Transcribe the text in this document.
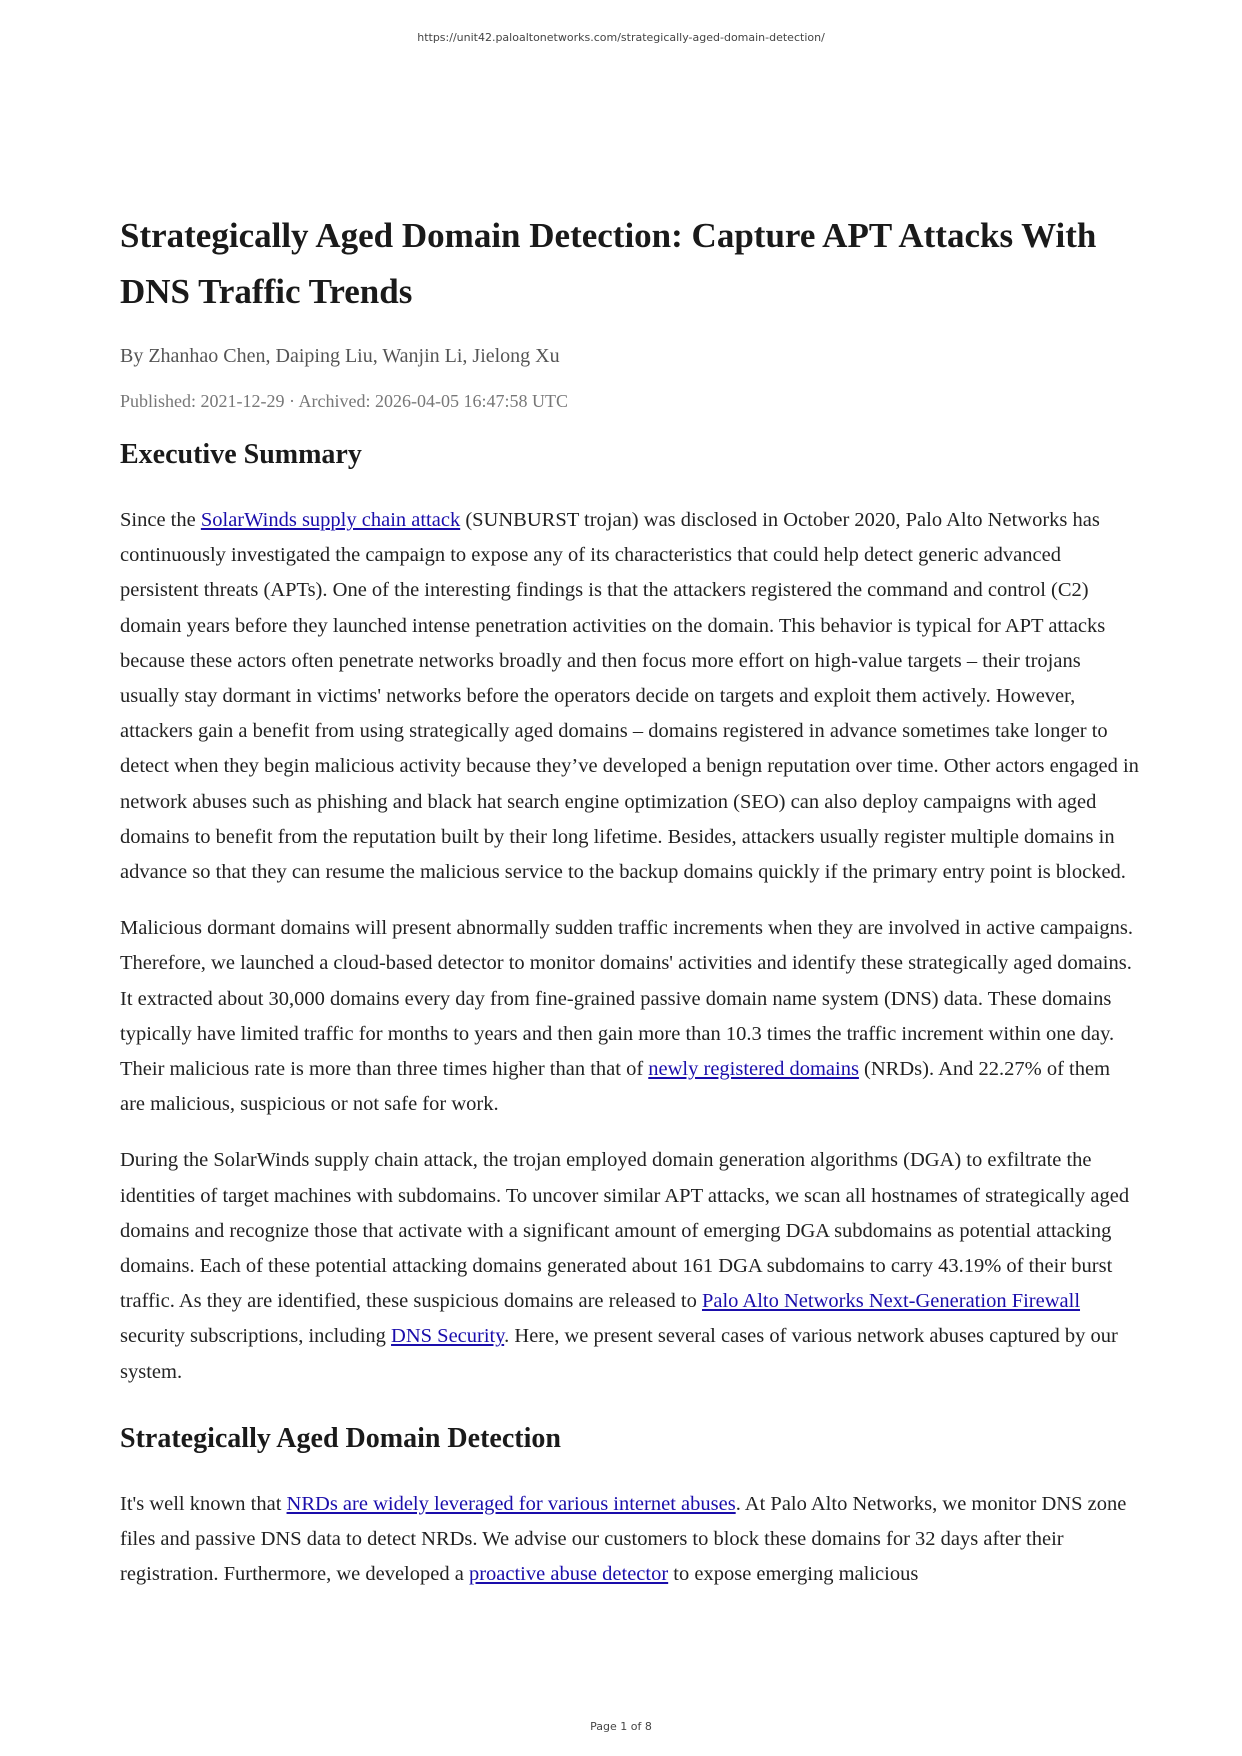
https://unit42.paloaltonetworks.com/strategically-aged-domain-detection/
Strategically Aged Domain Detection: Capture APT Attacks With DNS Traffic Trends
By Zhanhao Chen, Daiping Liu, Wanjin Li, Jielong Xu
Published: 2021-12-29 · Archived: 2026-04-05 16:47:58 UTC
Executive Summary

Since the SolarWinds supply chain attack (SUNBURST trojan) was disclosed in October 2020, Palo Alto Networks has continuously investigated the campaign to expose any of its characteristics that could help detect generic advanced persistent threats (APTs). One of the interesting findings is that the attackers registered the command and control (C2) domain years before they launched intense penetration activities on the domain. This behavior is typical for APT attacks because these actors often penetrate networks broadly and then focus more effort on high-value targets – their trojans usually stay dormant in victims' networks before the operators decide on targets and exploit them actively. However, attackers gain a benefit from using strategically aged domains – domains registered in advance sometimes take longer to detect when they begin malicious activity because they’ve developed a benign reputation over time. Other actors engaged in network abuses such as phishing and black hat search engine optimization (SEO) can also deploy campaigns with aged domains to benefit from the reputation built by their long lifetime. Besides, attackers usually register multiple domains in advance so that they can resume the malicious service to the backup domains quickly if the primary entry point is blocked.

Malicious dormant domains will present abnormally sudden traffic increments when they are involved in active campaigns. Therefore, we launched a cloud-based detector to monitor domains' activities and identify these strategically aged domains. It extracted about 30,000 domains every day from fine-grained passive domain name system (DNS) data. These domains typically have limited traffic for months to years and then gain more than 10.3 times the traffic increment within one day. Their malicious rate is more than three times higher than that of newly registered domains (NRDs). And 22.27% of them are malicious, suspicious or not safe for work.

During the SolarWinds supply chain attack, the trojan employed domain generation algorithms (DGA) to exfiltrate the identities of target machines with subdomains. To uncover similar APT attacks, we scan all hostnames of strategically aged domains and recognize those that activate with a significant amount of emerging DGA subdomains as potential attacking domains. Each of these potential attacking domains generated about 161 DGA subdomains to carry 43.19% of their burst traffic. As they are identified, these suspicious domains are released to Palo Alto Networks Next-Generation Firewall security subscriptions, including DNS Security. Here, we present several cases of various network abuses captured by our system.

Strategically Aged Domain Detection

It's well known that NRDs are widely leveraged for various internet abuses. At Palo Alto Networks, we monitor DNS zone files and passive DNS data to detect NRDs. We advise our customers to block these domains for 32 days after their registration. Furthermore, we developed a proactive abuse detector to expose emerging malicious

Page 1 of 8
